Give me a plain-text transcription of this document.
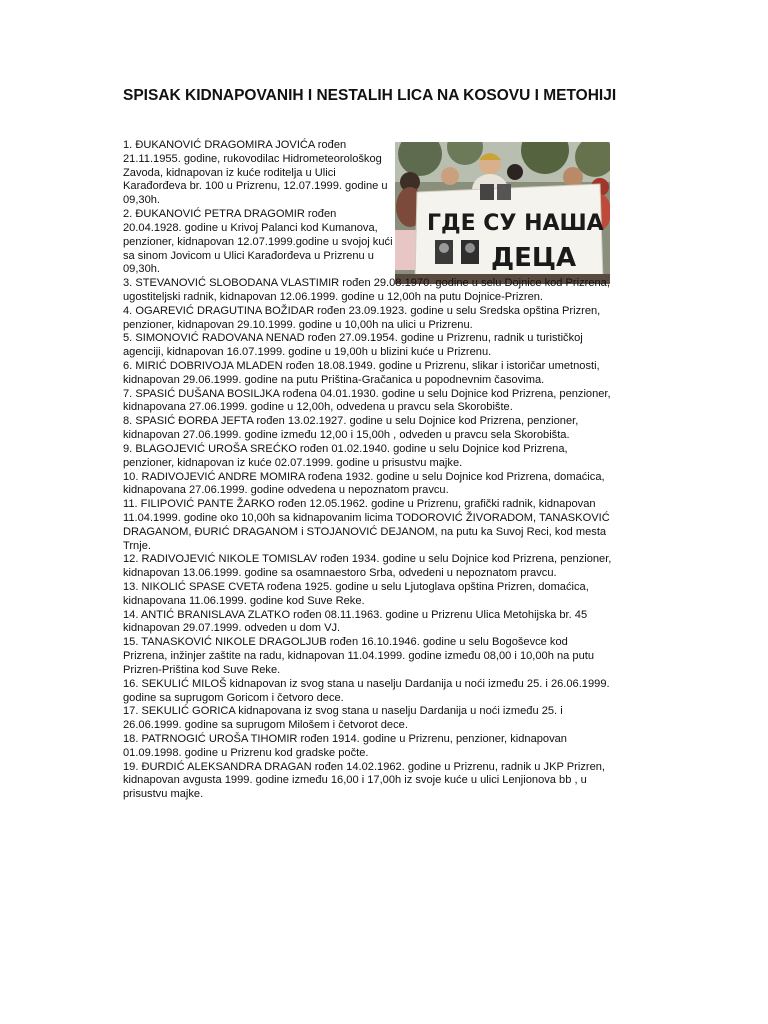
SPISAK KIDNAPOVANIH I NESTALIH LICA NA KOSOVU I METOHIJI
ГДЕ СУ НАША
ДЕЦА

1. ĐUKANOVIĆ DRAGOMIRA JOVIĆA rođen 21.11.1955. godine, rukovodilac Hidrometeorološkog Zavoda, kidnapovan iz kuće roditelja u Ulici Karađorđeva br. 100 u Prizrenu, 12.07.1999. godine u 09,30h.

2. ĐUKANOVIĆ PETRA DRAGOMIR rođen 20.04.1928. godine u Krivoj Palanci kod Kumanova, penzioner, kidnapovan 12.07.1999.godine u svojoj kući sa sinom Jovicom u Ulici Karađorđeva u Prizrenu u 09,30h.

3. STEVANOVIĆ SLOBODANA VLASTIMIR rođen 29.08.1970. godine u selu Dojnice kod Prizrena, ugostiteljski radnik, kidnapovan 12.06.1999. godine u 12,00h na putu Dojnice-Prizren.

4. OGAREVIĆ DRAGUTINA BOŽIDAR rođen 23.09.1923. godine u selu Sredska opština Prizren, penzioner, kidnapovan 29.10.1999. godine u 10,00h na ulici u Prizrenu.

5. SIMONOVIĆ RADOVANA NENAD rođen 27.09.1954. godine u Prizrenu, radnik u turističkoj agenciji, kidnapovan 16.07.1999. godine u 19,00h u blizini kuće u Prizrenu.

6. MIRIĆ DOBRIVOJA MLADEN rođen 18.08.1949. godine u Prizrenu, slikar i istoričar umetnosti, kidnapovan 29.06.1999. godine na putu Priština-Gračanica u popodnevnim časovima.

7. SPASIĆ DUŠANA BOSILJKA rođena 04.01.1930. godine u selu Dojnice kod Prizrena, penzioner, kidnapovana 27.06.1999. godine u 12,00h, odvedena u pravcu sela Skorobište.

8. SPASIĆ ĐORĐA JEFTA rođen 13.02.1927. godine u selu Dojnice kod Prizrena, penzioner, kidnapovan 27.06.1999. godine između 12,00 i 15,00h , odveden u pravcu sela Skorobišta.

9. BLAGOJEVIĆ UROŠA SREĆKO rođen 01.02.1940. godine u selu Dojnice kod Prizrena, penzioner, kidnapovan iz kuće 02.07.1999. godine u prisustvu majke.

10. RADIVOJEVIĆ ANDRE MOMIRA rođena 1932. godine u selu Dojnice kod Prizrena, domaćica, kidnapovana 27.06.1999. godine odvedena u nepoznatom pravcu.

11. FILIPOVIĆ PANTE ŽARKO rođen 12.05.1962. godine u Prizrenu, grafički radnik, kidnapovan 11.04.1999. godine oko 10,00h sa kidnapovanim licima TODOROVIĆ ŽIVORADOM, TANASKOVIĆ DRAGANOM, ĐURIĆ DRAGANOM i STOJANOVIĆ DEJANOM, na putu ka Suvoj Reci, kod mesta Trnje.

12. RADIVOJEVIĆ NIKOLE TOMISLAV rođen 1934. godine u selu Dojnice kod Prizrena, penzioner, kidnapovan 13.06.1999. godine sa osamnaestoro Srba, odvedeni u nepoznatom pravcu.

13. NIKOLIĆ SPASE CVETA rođena 1925. godine u selu Ljutoglava opština Prizren, domaćica, kidnapovana 11.06.1999. godine kod Suve Reke.

14. ANTIĆ BRANISLAVA ZLATKO rođen 08.11.1963. godine u Prizrenu Ulica Metohijska br. 45 kidnapovan 29.07.1999. odveden u dom VJ.

15. TANASKOVIĆ NIKOLE DRAGOLJUB rođen 16.10.1946. godine u selu Bogoševce kod Prizrena, inžinjer zaštite na radu, kidnapovan 11.04.1999. godine između 08,00 i 10,00h na putu Prizren-Priština kod Suve Reke.

16. SEKULIĆ MILOŠ kidnapovan iz svog stana u naselju Dardanija u noći između 25. i 26.06.1999. godine sa suprugom Goricom i četvoro dece.

17. SEKULIĆ GORICA kidnapovana iz svog stana u naselju Dardanija u noći između 25. i 26.06.1999. godine sa suprugom Milošem i četvorot dece.

18. PATRNOGIĆ UROŠA TIHOMIR rođen 1914. godine u Prizrenu, penzioner, kidnapovan 01.09.1998. godine u Prizrenu kod gradske počte.

19. ĐURDIĆ ALEKSANDRA DRAGAN rođen 14.02.1962. godine u Prizrenu, radnik u JKP Prizren, kidnapovan avgusta 1999. godine između 16,00 i 17,00h iz svoje kuće u ulici Lenjionova bb , u prisustvu majke.
